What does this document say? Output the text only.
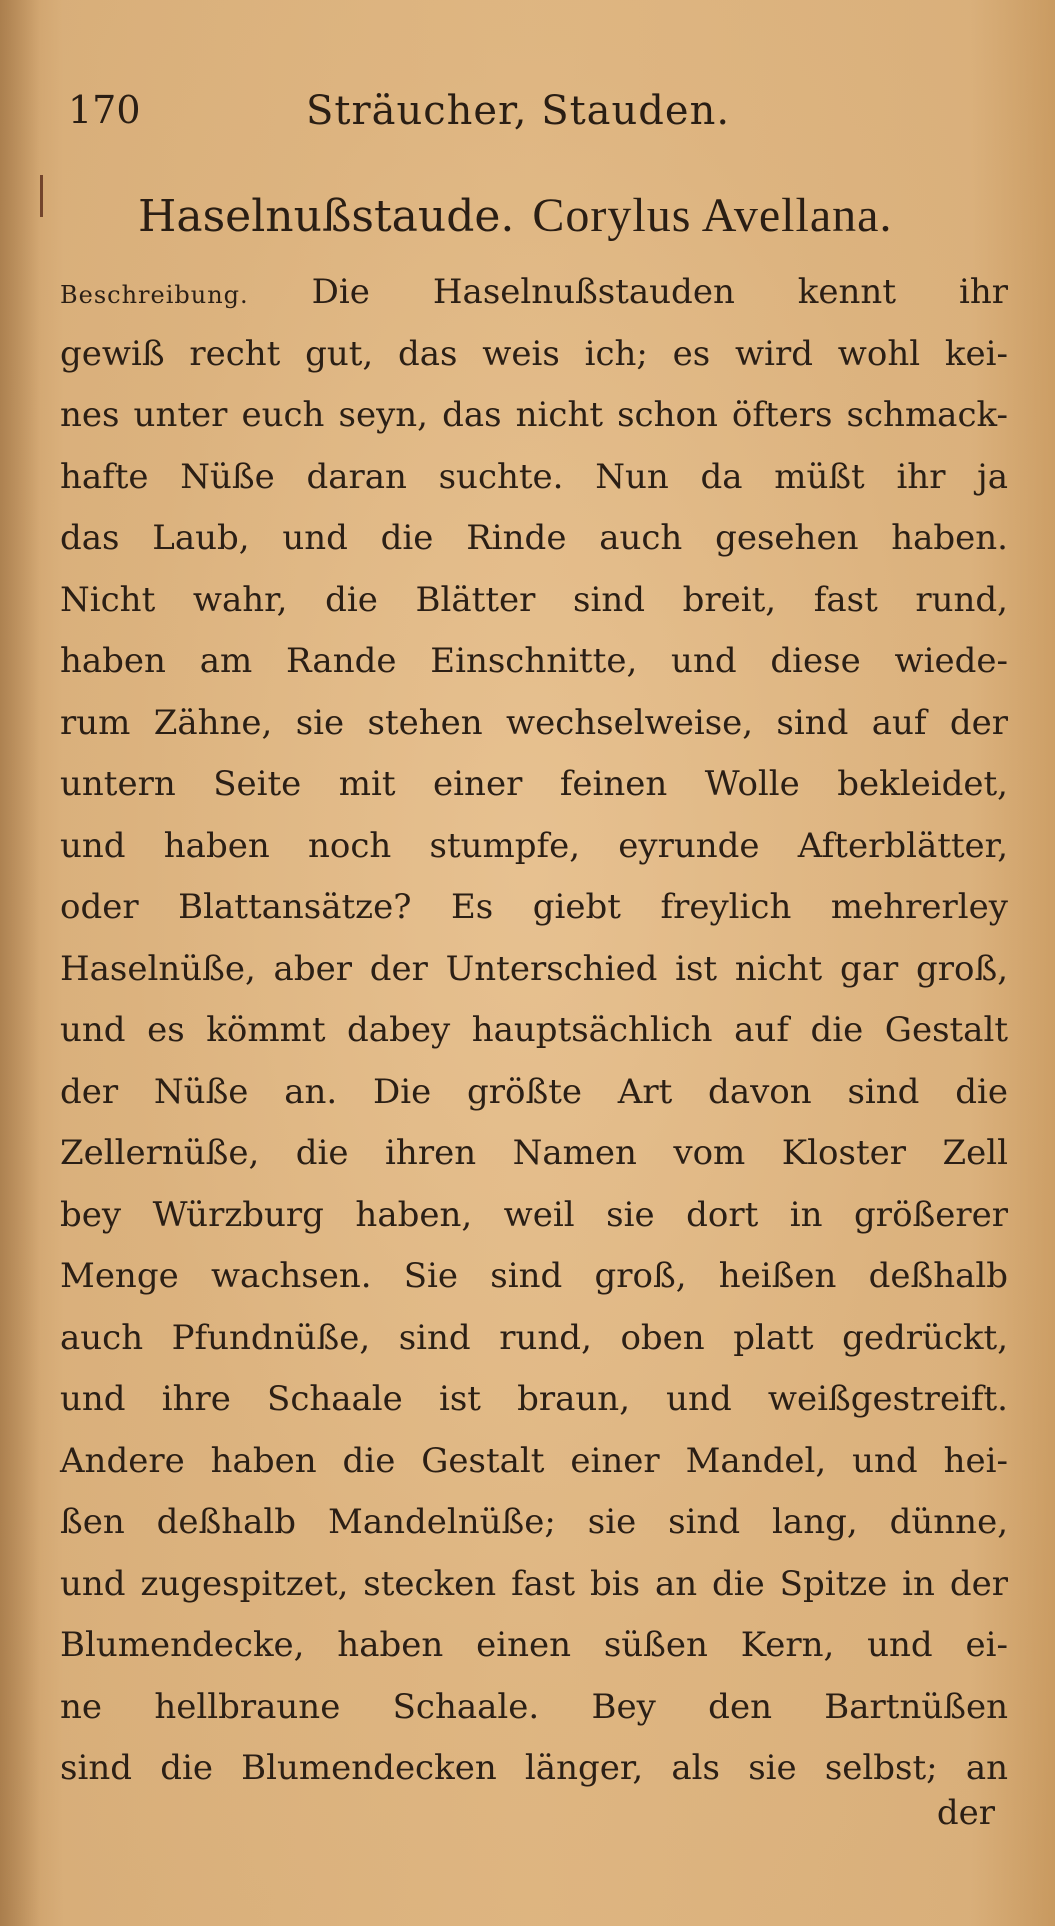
170	Sträucher, Stauden.
Haselnußstaude. Corylus Avellana.
Beschreibung. Die Haselnußstauden kennt ihr
gewiß recht gut, das weis ich; es wird wohl kei-
nes unter euch seyn, das nicht schon öfters schmack-
hafte Nüße daran suchte. Nun da müßt ihr ja
das Laub, und die Rinde auch gesehen haben.
Nicht wahr, die Blätter sind breit, fast rund,
haben am Rande Einschnitte, und diese wiede-
rum Zähne, sie stehen wechselweise, sind auf der
untern Seite mit einer feinen Wolle bekleidet,
und haben noch stumpfe, eyrunde Afterblätter,
oder Blattansätze? Es giebt freylich mehrerley
Haselnüße, aber der Unterschied ist nicht gar groß,
und es kömmt dabey hauptsächlich auf die Gestalt
der Nüße an. Die größte Art davon sind die
Zellernüße, die ihren Namen vom Kloster Zell
bey Würzburg haben, weil sie dort in größerer
Menge wachsen. Sie sind groß, heißen deßhalb
auch Pfundnüße, sind rund, oben platt gedrückt,
und ihre Schaale ist braun, und weißgestreift.
Andere haben die Gestalt einer Mandel, und hei-
ßen deßhalb Mandelnüße; sie sind lang, dünne,
und zugespitzet, stecken fast bis an die Spitze in der
Blumendecke, haben einen süßen Kern, und ei-
ne hellbraune Schaale. Bey den Bartnüßen
sind die Blumendecken länger, als sie selbst; an
der
